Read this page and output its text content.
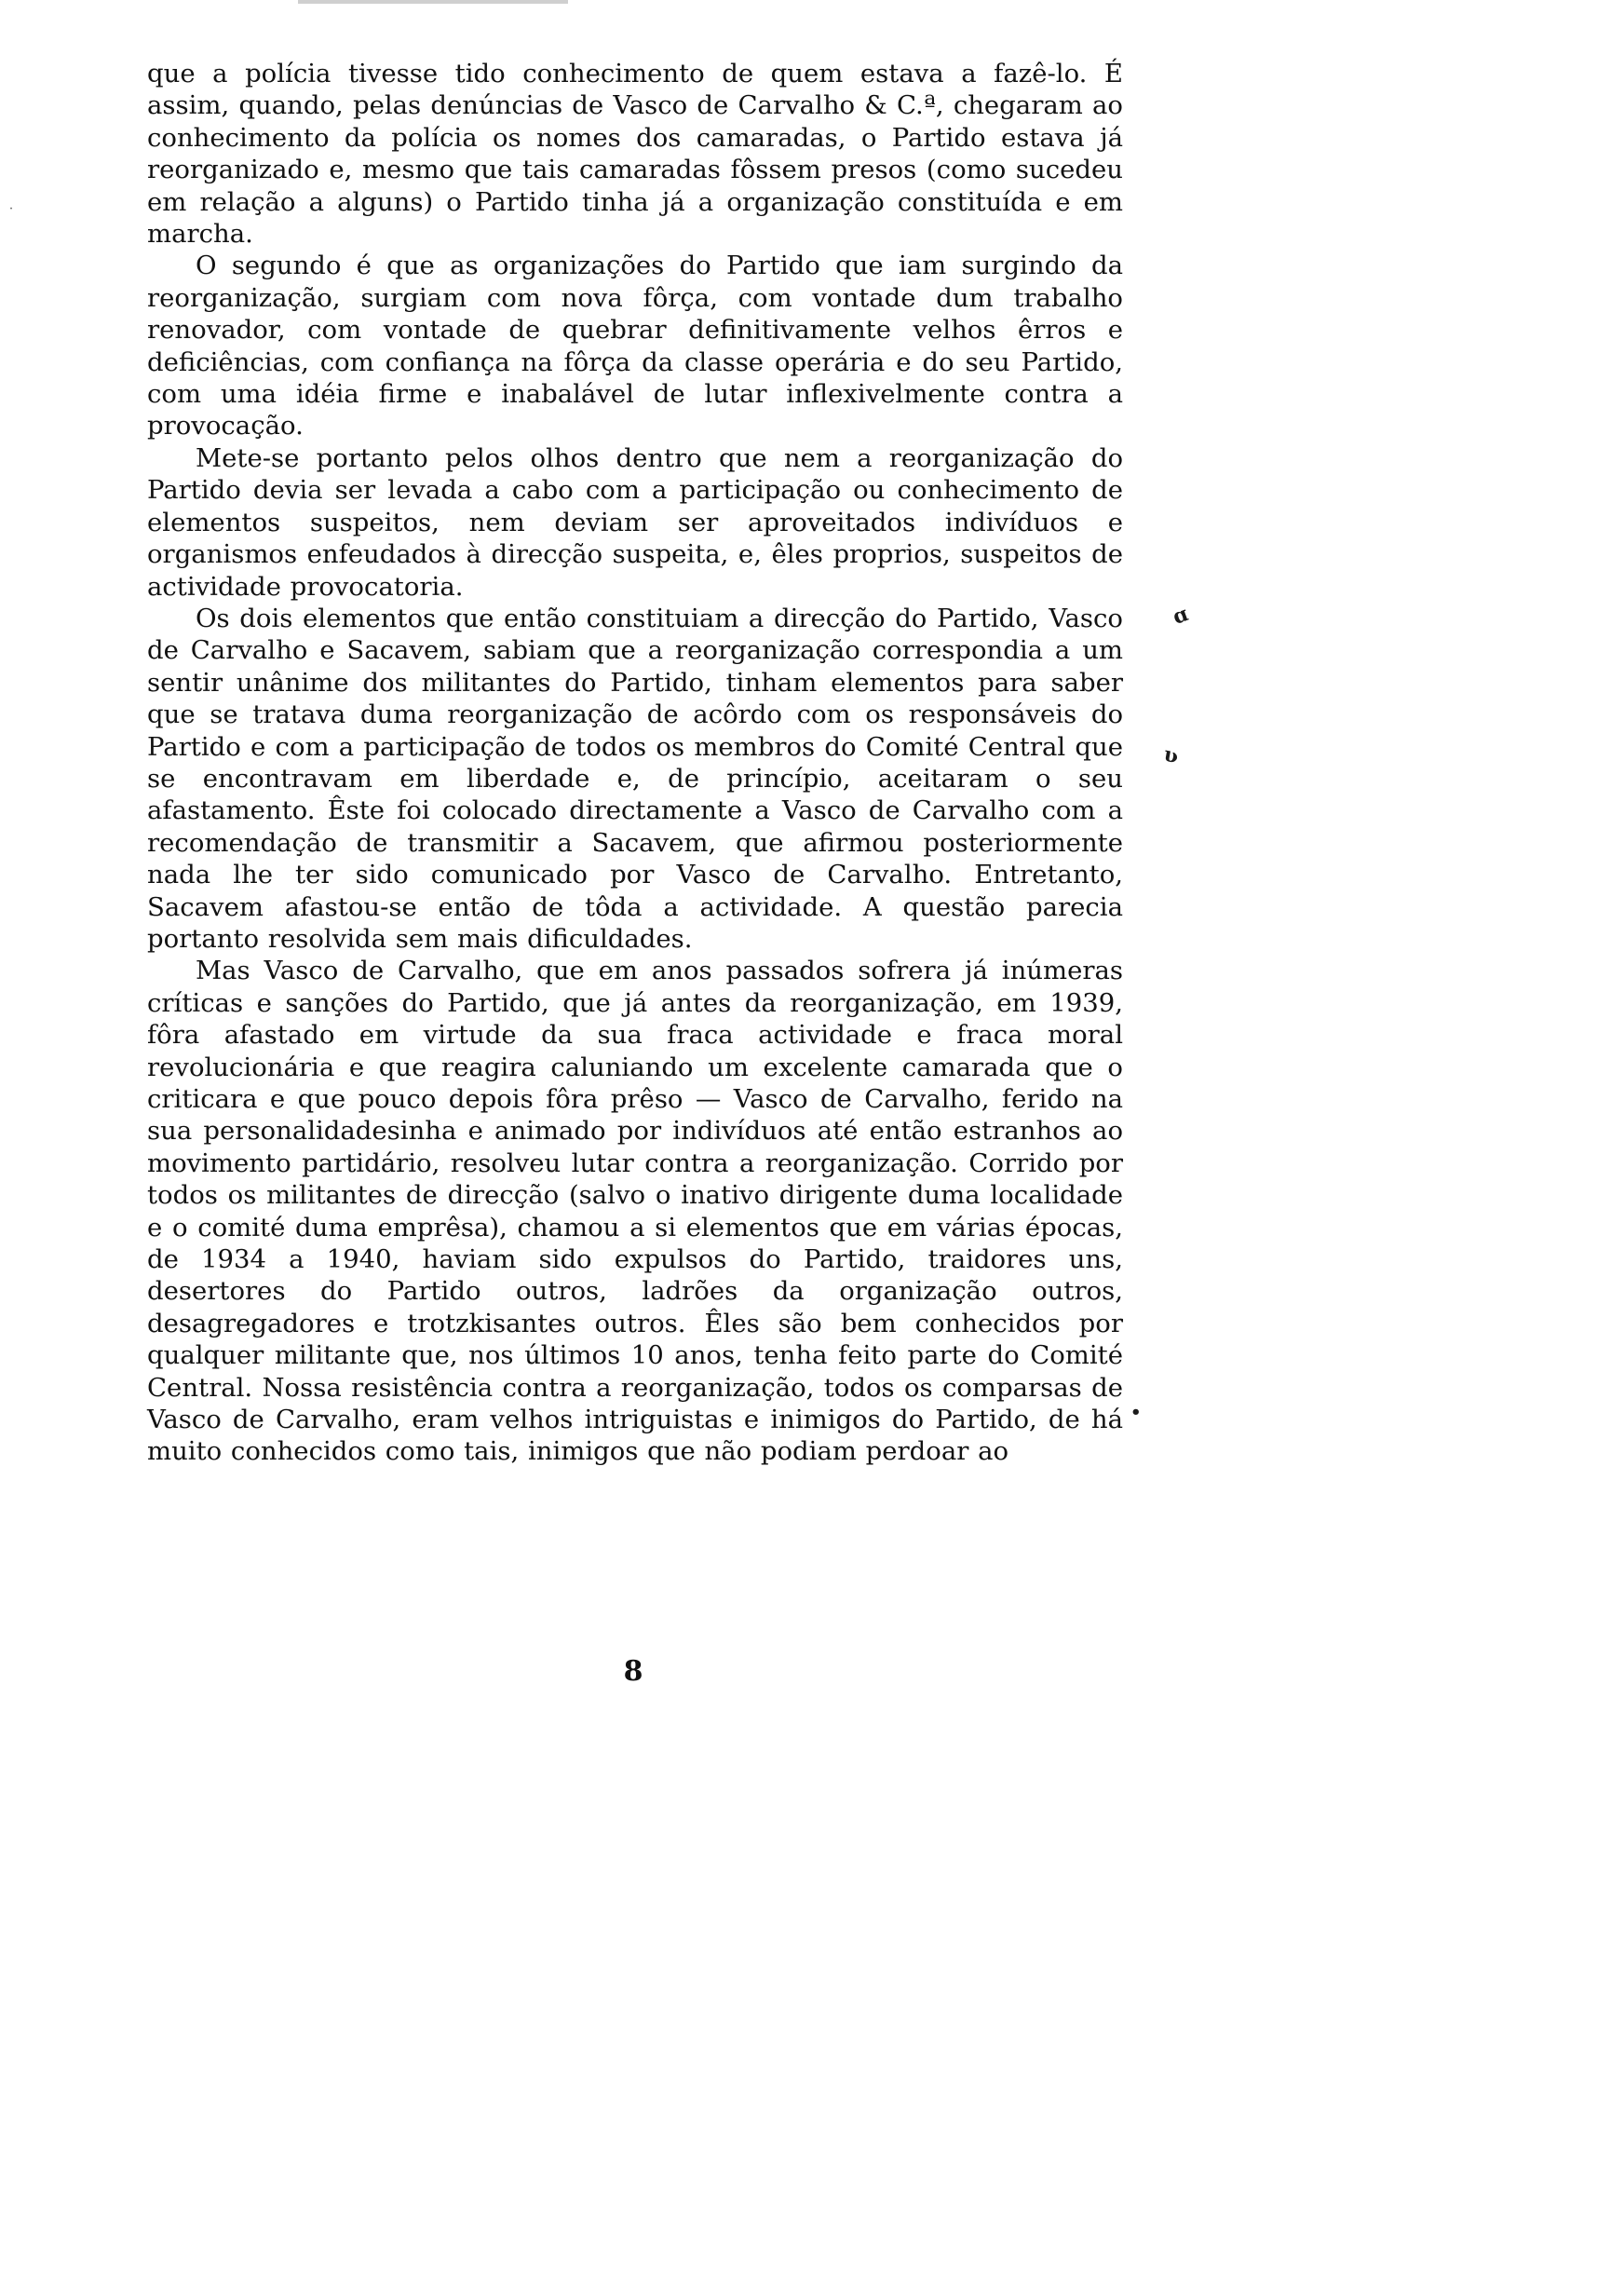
˙

que a polícia tivesse tido conhecimento de quem estava a fazê-lo. É assim, quando, pelas denúncias de Vasco de Carvalho & C.ª, chegaram ao conhecimento da polícia os nomes dos camaradas, o Partido estava já reorganizado e, mesmo que tais camaradas fôssem presos (como sucedeu em relação a alguns) o Partido tinha já a organização constituída e em marcha.

O segundo é que as organizações do Partido que iam surgindo da reorganização, surgiam com nova fôrça, com vontade dum trabalho renovador, com vontade de quebrar definitivamente velhos êrros e deficiências, com confiança na fôrça da classe operária e do seu Partido, com uma idéia firme e inabalável de lutar inflexivelmente contra a provocação.

Mete-se portanto pelos olhos dentro que nem a reorganização do Partido devia ser levada a cabo com a participação ou conhecimento de elementos suspeitos, nem deviam ser aproveitados indivíduos e organismos enfeudados à direcção suspeita, e, êles proprios, suspeitos de actividade provocatoria.

Os dois elementos que então constituiam a direcção do Partido, Vasco de Carvalho e Sacavem, sabiam que a reorganização correspondia a um sentir unânime dos militantes do Partido, tinham elementos para saber que se tratava duma reorganização de acôrdo com os responsáveis do Partido e com a participação de todos os membros do Comité Central que se encontravam em liberdade e, de princípio, aceitaram o seu afastamento. Êste foi colocado directamente a Vasco de Carvalho com a recomendação de transmitir a Sacavem, que afirmou posteriormente nada lhe ter sido comunicado por Vasco de Carvalho. Entretanto, Sacavem afastou-se então de tôda a actividade. A questão parecia portanto resolvida sem mais dificuldades.

Mas Vasco de Carvalho, que em anos passados sofrera já inúmeras críticas e sanções do Partido, que já antes da reorganização, em 1939, fôra afastado em virtude da sua fraca actividade e fraca moral revolucionária e que reagira caluniando um excelente camarada que o criticara e que pouco depois fôra prêso — Vasco de Carvalho, ferido na sua personalidadesinha e animado por indivíduos até então estranhos ao movimento partidário, resolveu lutar contra a reorganização. Corrido por todos os militantes de direcção (salvo o inativo dirigente duma localidade e o comité duma emprêsa), chamou a si elementos que em várias épocas, de 1934 a 1940, haviam sido expulsos do Partido, traidores uns, desertores do Partido outros, ladrões da organização outros, desagregadores e trotzkisantes outros. Êles são bem conhecidos por qualquer militante que, nos últimos 10 anos, tenha feito parte do Comité Central. Nossa resistência contra a reorganização, todos os comparsas de Vasco de Carvalho, eram velhos intriguistas e inimigos do Partido, de há muito conhecidos como tais, inimigos que não podiam perdoar ao

8
ɑ
ʋ
•
